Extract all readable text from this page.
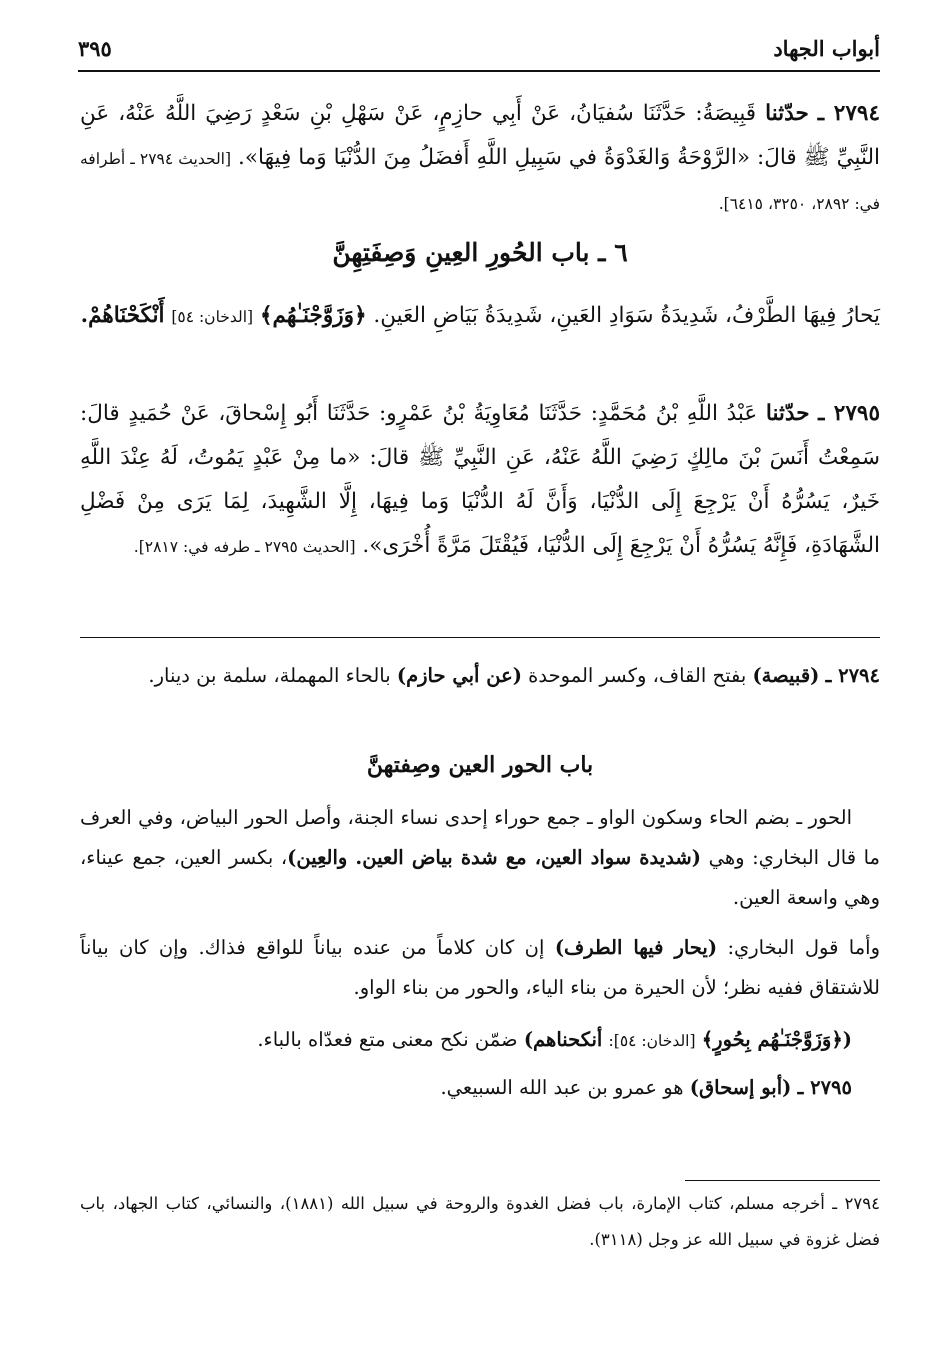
أبواب الجهاد
٣٩٥
٢٧٩٤ ـ حدّثنا قَبِيصَةُ: حَدَّثَنَا سُفيَانُ، عَنْ أَبِي حازِمٍ، عَنْ سَهْلِ بْنِ سَعْدٍ رَضِيَ اللَّهُ عَنْهُ، عَنِ النَّبِيِّ ﷺ قالَ: «الرَّوْحَةُ وَالغَدْوَةُ في سَبِيلِ اللَّهِ أَفضَلُ مِنَ الدُّنْيَا وَما فِيهَا». [الحديث ٢٧٩٤ ـ أطرافه في: ٢٨٩٢، ٣٢٥٠، ٦٤١٥].
٦ ـ باب الحُورِ العِينِ وَصِفَتِهِنَّ
يَحارُ فِيهَا الطَّرْفُ، شَدِيدَةُ سَوَادِ العَينِ، شَدِيدَةُ بَيَاضِ العَينِ. ﴿وَزَوَّجْنَـٰهُم﴾ [الدخان: ٥٤] أَنْكَحْنَاهُمْ.
٢٧٩٥ ـ حدّثنا عَبْدُ اللَّهِ بْنُ مُحَمَّدٍ: حَدَّثَنَا مُعَاوِيَةُ بْنُ عَمْرٍو: حَدَّثَنَا أَبُو إِسْحاقَ، عَنْ حُمَيدٍ قالَ: سَمِعْتُ أَنَسَ بْنَ مالِكٍ رَضِيَ اللَّهُ عَنْهُ، عَنِ النَّبِيِّ ﷺ قالَ: «ما مِنْ عَبْدٍ يَمُوتُ، لَهُ عِنْدَ اللَّهِ خَيرٌ، يَسُرُّهُ أَنْ يَرْجِعَ إِلَى الدُّنْيَا، وَأَنَّ لَهُ الدُّنْيَا وَما فِيهَا، إِلَّا الشَّهِيدَ، لِمَا يَرَى مِنْ فَضْلِ الشَّهَادَةِ، فَإِنَّهُ يَسُرُّهُ أَنْ يَرْجِعَ إِلَى الدُّنْيَا، فَيُقْتَلَ مَرَّةً أُخْرَى». [الحديث ٢٧٩٥ ـ طرفه في: ٢٨١٧].
٢٧٩٤ ـ (قبيصة) بفتح القاف، وكسر الموحدة (عن أبي حازم) بالحاء المهملة، سلمة بن دينار.
باب الحور العين وصِفتهنَّ
الحور ـ بضم الحاء وسكون الواو ـ جمع حوراء إحدى نساء الجنة، وأصل الحور البياض، وفي العرف ما قال البخاري: وهي (شديدة سواد العين، مع شدة بياض العين. والعِين)، بكسر العين، جمع عيناء، وهي واسعة العين.
وأما قول البخاري: (يحار فيها الطرف) إن كان كلاماً من عنده بياناً للواقع فذاك. وإن كان بياناً للاشتقاق ففيه نظر؛ لأن الحيرة من بناء الياء، والحور من بناء الواو.
(﴿وَزَوَّجْنَـٰهُم بِحُورٍ﴾ [الدخان: ٥٤]: أنكحناهم) ضمّن نكح معنى متع فعدّاه بالباء.
٢٧٩٥ ـ (أبو إسحاق) هو عمرو بن عبد الله السبيعي.
٢٧٩٤ ـ أخرجه مسلم، كتاب الإمارة، باب فضل الغدوة والروحة في سبيل الله (١٨٨١)، والنسائي، كتاب الجهاد، باب فضل غزوة في سبيل الله عز وجل (٣١١٨).
